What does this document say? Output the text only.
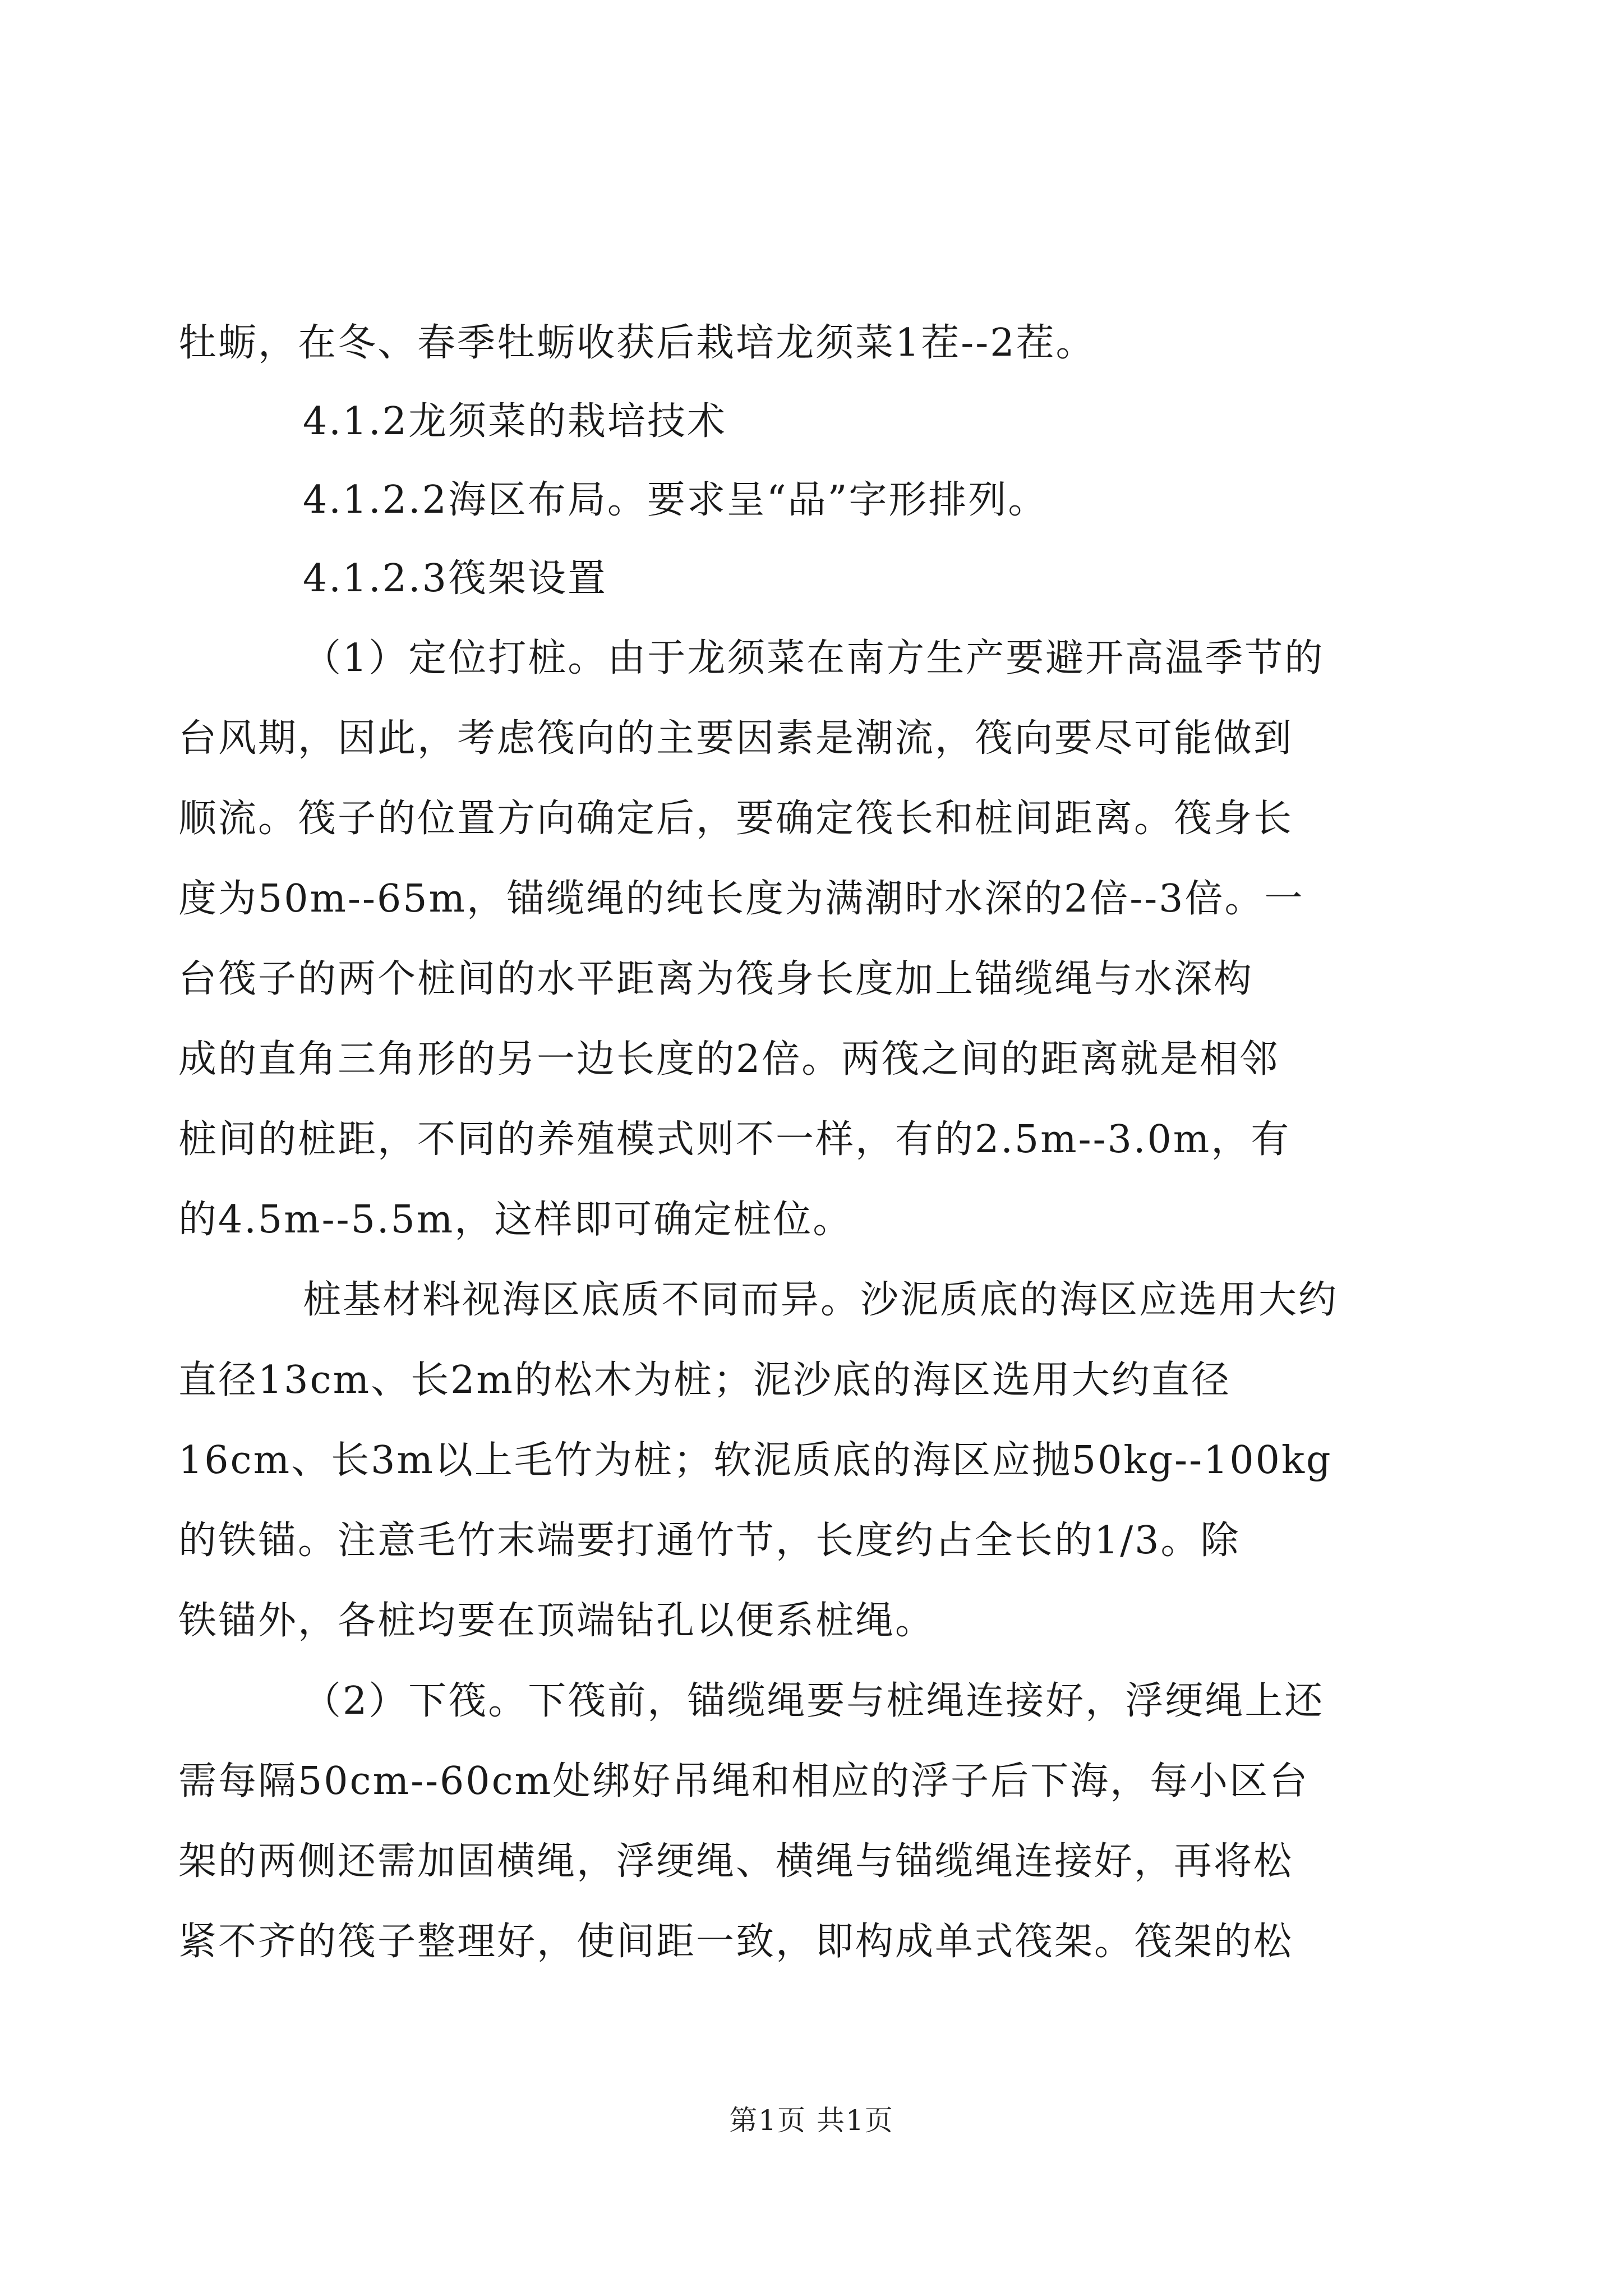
牡蛎，在冬、春季牡蛎收获后栽培龙须菜1茬--2茬。
4.1.2龙须菜的栽培技术
4.1.2.2海区布局。要求呈“品”字形排列。
4.1.2.3筏架设置
（1）定位打桩。由于龙须菜在南方生产要避开高温季节的
台风期，因此，考虑筏向的主要因素是潮流，筏向要尽可能做到
顺流。筏子的位置方向确定后，要确定筏长和桩间距离。筏身长
度为50m--65m，锚缆绳的纯长度为满潮时水深的2倍--3倍。一
台筏子的两个桩间的水平距离为筏身长度加上锚缆绳与水深构
成的直角三角形的另一边长度的2倍。两筏之间的距离就是相邻
桩间的桩距，不同的养殖模式则不一样，有的2.5m--3.0m，有
的4.5m--5.5m，这样即可确定桩位。
桩基材料视海区底质不同而异。沙泥质底的海区应选用大约
直径13cm、长2m的松木为桩；泥沙底的海区选用大约直径
16cm、长3m以上毛竹为桩；软泥质底的海区应抛50kg--100kg
的铁锚。注意毛竹末端要打通竹节，长度约占全长的1/3。除
铁锚外，各桩均要在顶端钻孔以便系桩绳。
（2）下筏。下筏前，锚缆绳要与桩绳连接好，浮绠绳上还
需每隔50cm--60cm处绑好吊绳和相应的浮子后下海，每小区台
架的两侧还需加固横绳，浮绠绳、横绳与锚缆绳连接好，再将松
紧不齐的筏子整理好，使间距一致，即构成单式筏架。筏架的松
第1页 共1页
